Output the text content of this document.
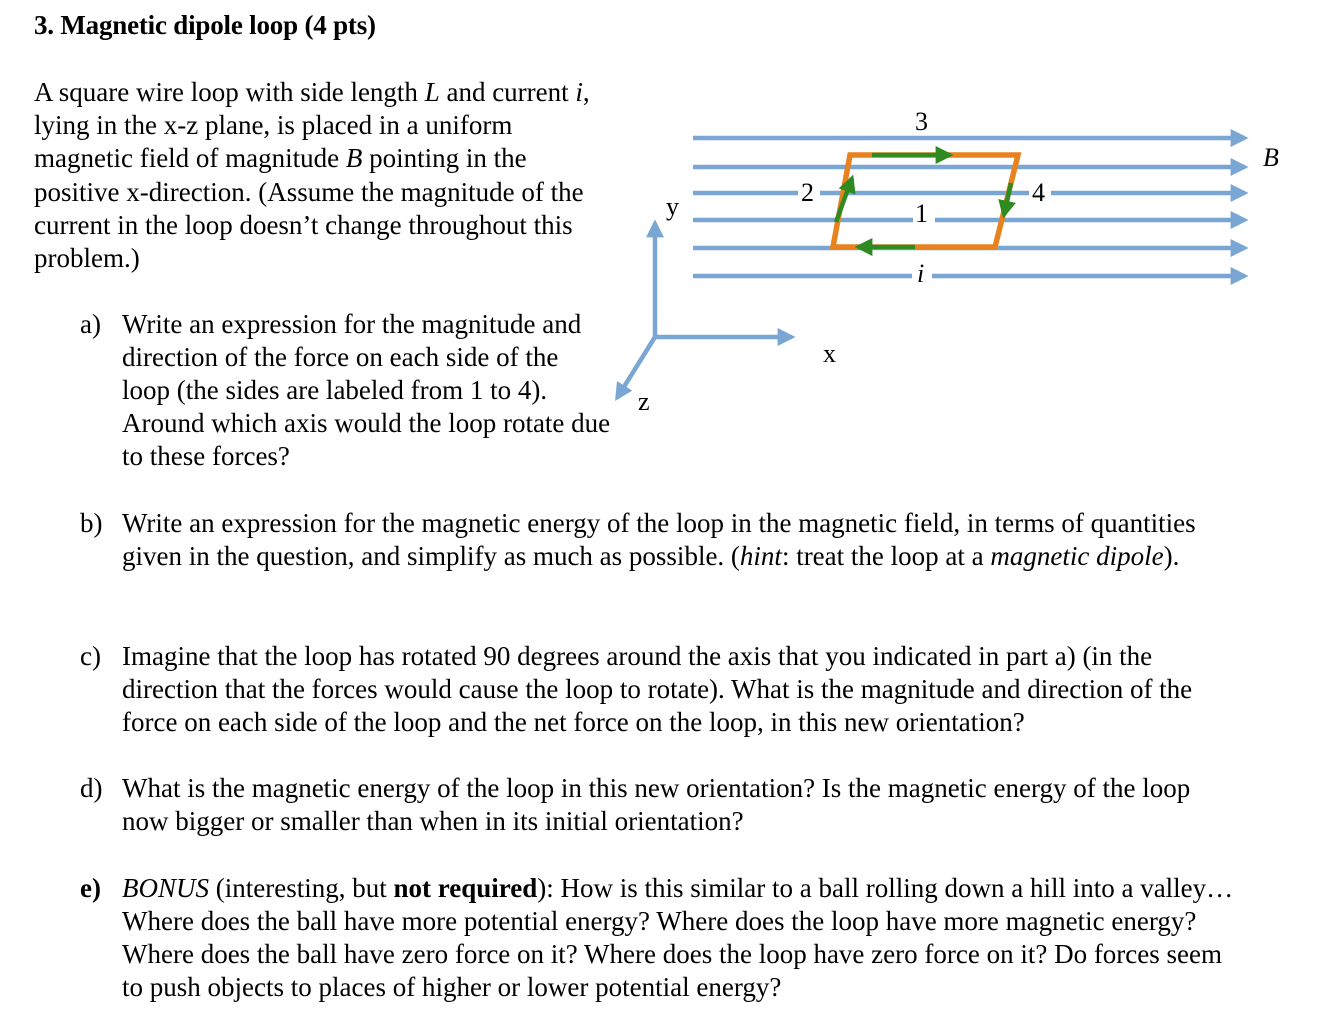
3. Magnetic dipole loop (4 pts)
A square wire loop with side length L and current i, lying in the x-z plane, is placed in a uniform magnetic field of magnitude B pointing in the positive x-direction. (Assume the magnitude of the current in the loop doesn’t change throughout this problem.)
a) Write an expression for the magnitude and direction of the force on each side of the loop (the sides are labeled from 1 to 4). Around which axis would the loop rotate due to these forces?
b) Write an expression for the magnetic energy of the loop in the magnetic field, in terms of quantities given in the question, and simplify as much as possible. (hint: treat the loop at a magnetic dipole).
c) Imagine that the loop has rotated 90 degrees around the axis that you indicated in part a) (in the direction that the forces would cause the loop to rotate). What is the magnitude and direction of the force on each side of the loop and the net force on the loop, in this new orientation?
d) What is the magnetic energy of the loop in this new orientation? Is the magnetic energy of the loop now bigger or smaller than when in its initial orientation?
e) BONUS (interesting, but not required): How is this similar to a ball rolling down a hill into a valley… Where does the ball have more potential energy? Where does the loop have more magnetic energy? Where does the ball have zero force on it? Where does the loop have zero force on it? Do forces seem to push objects to places of higher or lower potential energy?
3
2
1
4
i
B
y
x
z
